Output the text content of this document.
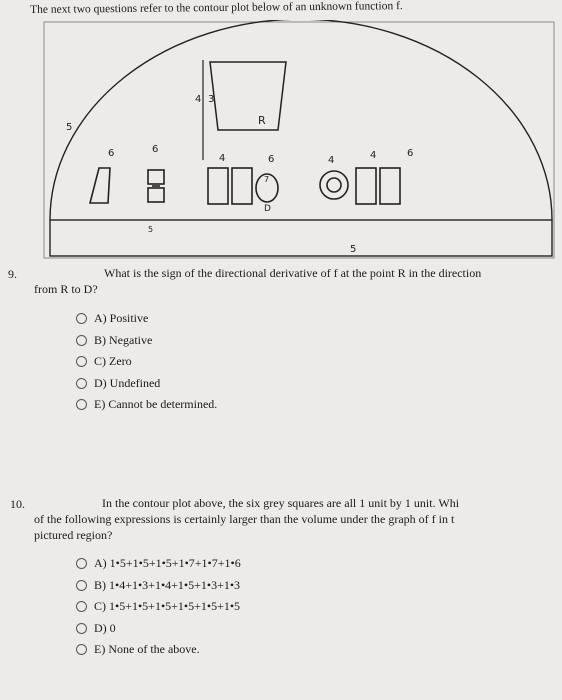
The next two questions refer to the contour plot below of an unknown function f.
4 3
R
5
6	6
4	6
7
4	4	6
5
D
5
9.	What is the sign of the directional derivative of f at the point R in the direction
from R to D?
A) Positive
B) Negative
C) Zero
D) Undefined
E) Cannot be determined.
10.	In the contour plot above, the six grey squares are all 1 unit by 1 unit. Whi
of the following expressions is certainly larger than the volume under the graph of f in t
pictured region?
A) 1•5+1•5+1•5+1•7+1•7+1•6
B) 1•4+1•3+1•4+1•5+1•3+1•3
C) 1•5+1•5+1•5+1•5+1•5+1•5
D) 0
E) None of the above.
